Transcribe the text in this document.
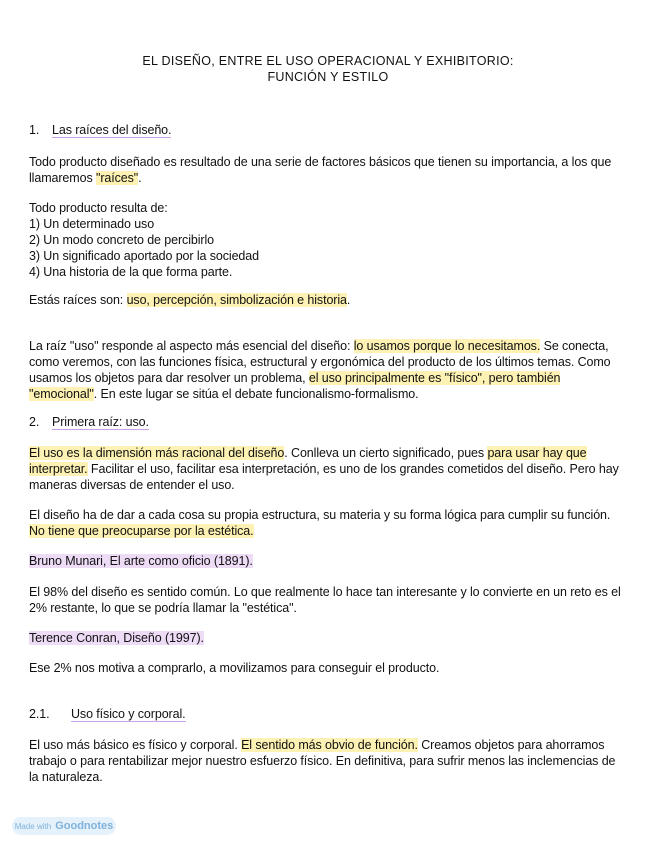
EL DISEÑO, ENTRE EL USO OPERACIONAL Y EXHIBITORIO:
FUNCIÓN Y ESTILO
1. Las raíces del diseño.
Todo producto diseñado es resultado de una serie de factores básicos que tienen su importancia, a los que llamaremos "raíces".
Todo producto resulta de:
1) Un determinado uso
2) Un modo concreto de percibirlo
3) Un significado aportado por la sociedad
4) Una historia de la que forma parte.
Estás raíces son: uso, percepción, simbolización e historia.
La raíz "uso" responde al aspecto más esencial del diseño: lo usamos porque lo necesitamos. Se conecta, como veremos, con las funciones física, estructural y ergonómica del producto de los últimos temas. Como usamos los objetos para dar resolver un problema, el uso principalmente es "físico", pero también "emocional". En este lugar se sitúa el debate funcionalismo-formalismo.
2. Primera raíz: uso.
El uso es la dimensión más racional del diseño. Conlleva un cierto significado, pues para usar hay que interpretar. Facilitar el uso, facilitar esa interpretación, es uno de los grandes cometidos del diseño. Pero hay maneras diversas de entender el uso.
El diseño ha de dar a cada cosa su propia estructura, su materia y su forma lógica para cumplir su función. No tiene que preocuparse por la estética.
Bruno Munari, El arte como oficio (1891).
El 98% del diseño es sentido común. Lo que realmente lo hace tan interesante y lo convierte en un reto es el 2% restante, lo que se podría llamar la "estética".
Terence Conran, Diseño (1997).
Ese 2% nos motiva a comprarlo, a movilizamos para conseguir el producto.
2.1. Uso físico y corporal.
El uso más básico es físico y corporal. El sentido más obvio de función. Creamos objetos para ahorramos trabajo o para rentabilizar mejor nuestro esfuerzo físico. En definitiva, para sufrir menos las inclemencias de la naturaleza.
Made with Goodnotes
